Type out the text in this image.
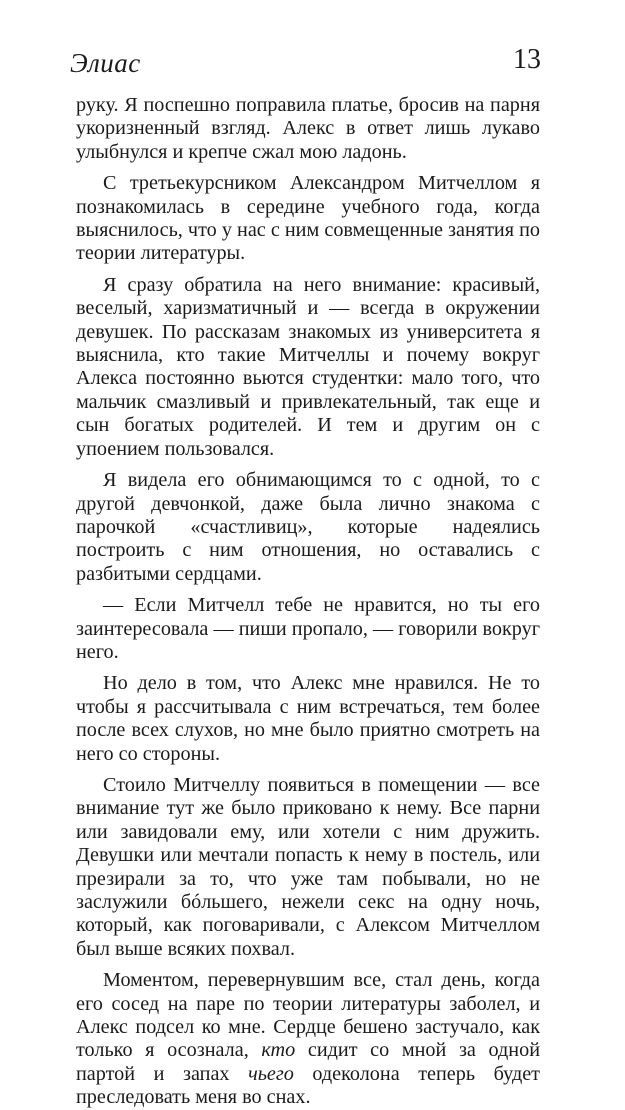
Элиас	13

руку. Я поспешно поправила платье, бросив на парня укоризненный взгляд. Алекс в ответ лишь лукаво улыбнулся и крепче сжал мою ладонь.

С третьекурсником Александром Митчеллом я познакомилась в середине учебного года, когда выяснилось, что у нас с ним совмещенные занятия по теории литературы.

Я сразу обратила на него внимание: красивый, веселый, харизматичный и — всегда в окружении девушек. По рассказам знакомых из университета я выяснила, кто такие Митчеллы и почему вокруг Алекса постоянно вьются студентки: мало того, что мальчик смазливый и привлекательный, так еще и сын богатых родителей. И тем и другим он с упоением пользовался.

Я видела его обнимающимся то с одной, то с другой девчонкой, даже была лично знакома с парочкой «счастливиц», которые надеялись построить с ним отношения, но оставались с разбитыми сердцами.

— Если Митчелл тебе не нравится, но ты его заинтересовала — пиши пропало, — говорили вокруг него.

Но дело в том, что Алекс мне нравился. Не то чтобы я рассчитывала с ним встречаться, тем более после всех слухов, но мне было приятно смотреть на него со стороны.

Стоило Митчеллу появиться в помещении — все внимание тут же было приковано к нему. Все парни или завидовали ему, или хотели с ним дружить. Девушки или мечтали попасть к нему в постель, или презирали за то, что уже там побывали, но не заслужили бóльшего, нежели секс на одну ночь, который, как поговаривали, с Алексом Митчеллом был выше всяких похвал.

Моментом, перевернувшим все, стал день, когда его сосед на паре по теории литературы заболел, и Алекс подсел ко мне. Сердце бешено застучало, как только я осознала, кто сидит со мной за одной партой и запах чьего одеколона теперь будет преследовать меня во снах.
